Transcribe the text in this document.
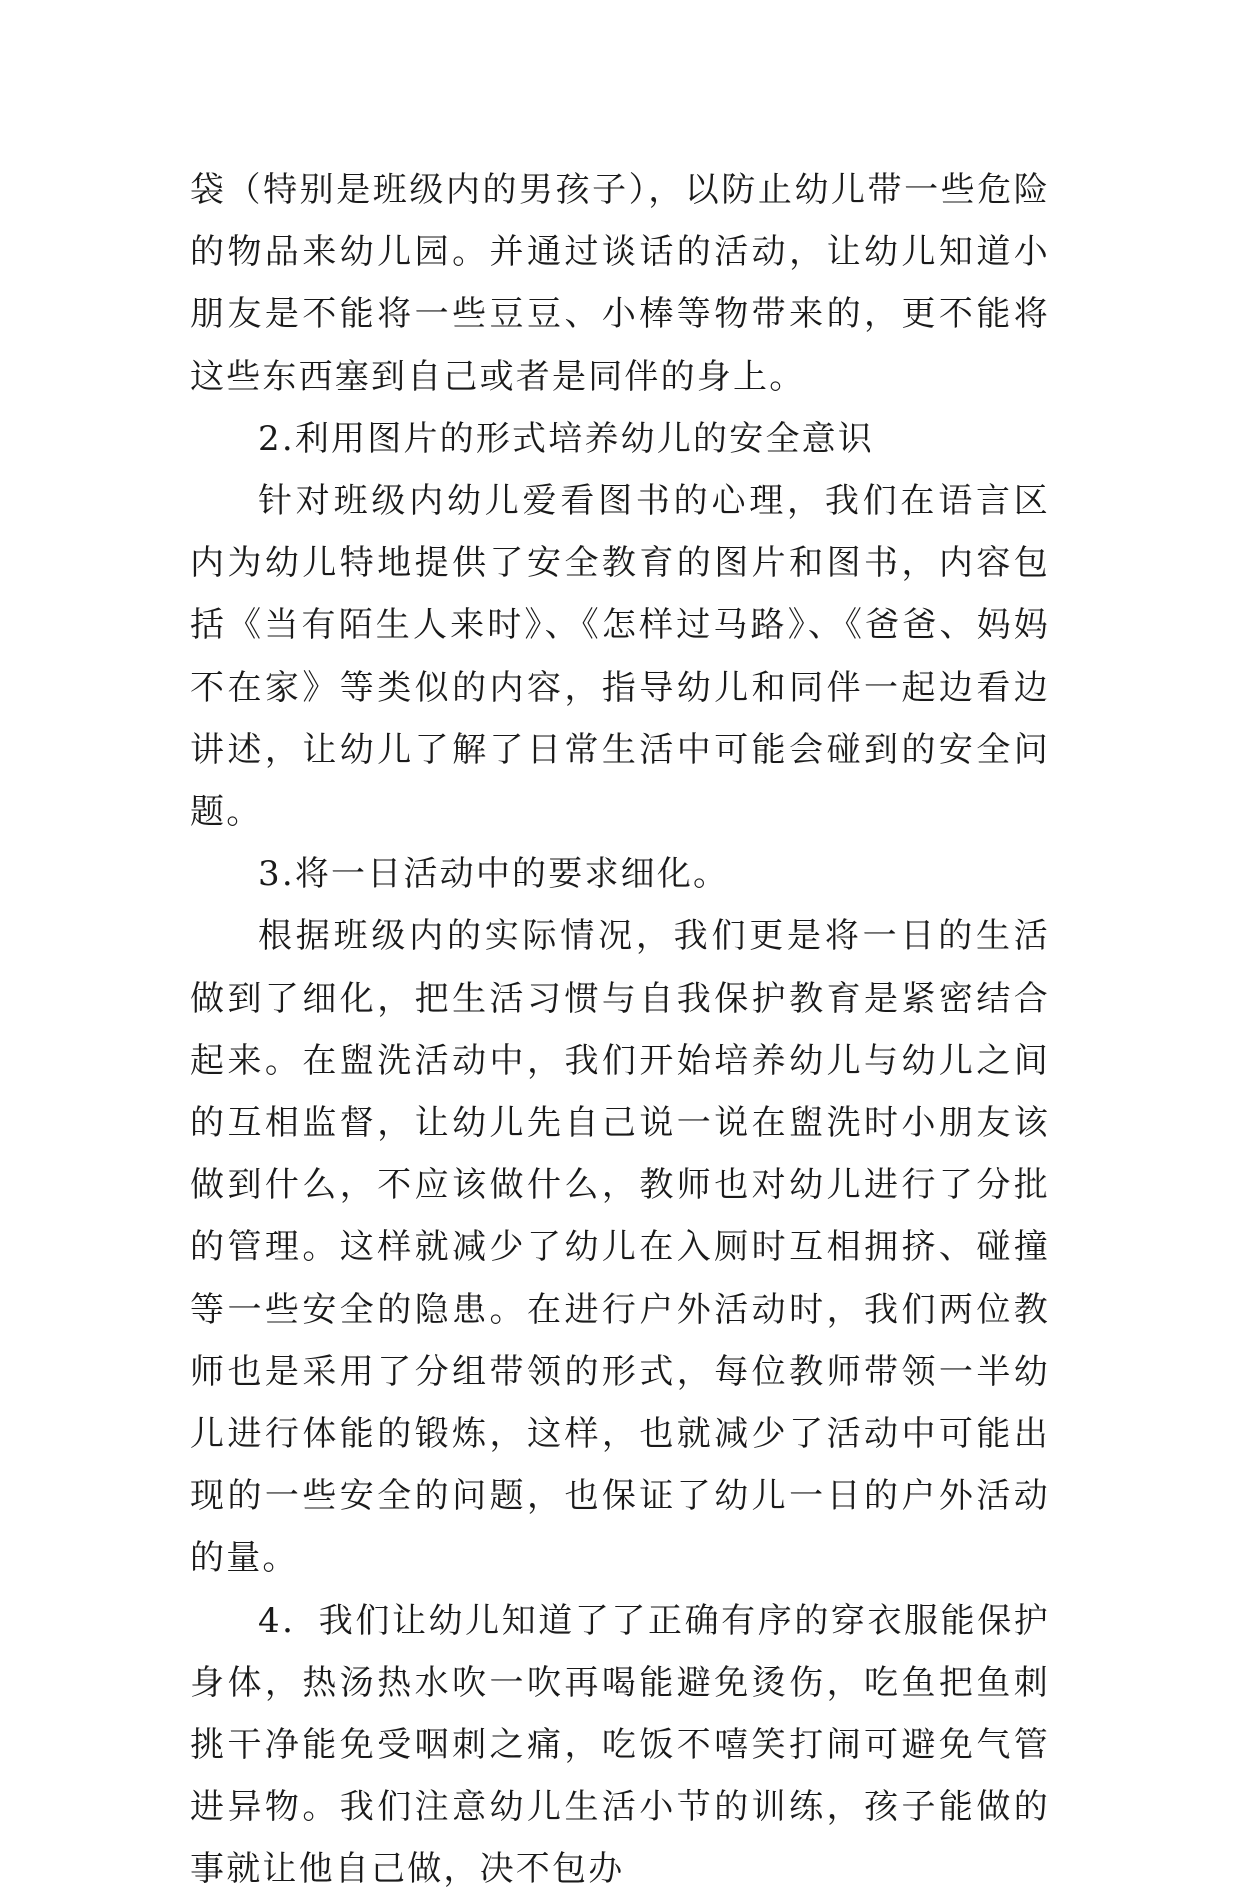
袋（特别是班级内的男孩子），以防止幼儿带一些危险的物品来幼儿园。并通过谈话的活动，让幼儿知道小朋友是不能将一些豆豆、小棒等物带来的，更不能将这些东西塞到自己或者是同伴的身上。

2.利用图片的形式培养幼儿的安全意识

针对班级内幼儿爱看图书的心理，我们在语言区内为幼儿特地提供了安全教育的图片和图书，内容包括《当有陌生人来时》、《怎样过马路》、《爸爸、妈妈不在家》等类似的内容，指导幼儿和同伴一起边看边讲述，让幼儿了解了日常生活中可能会碰到的安全问题。

3.将一日活动中的要求细化。

根据班级内的实际情况，我们更是将一日的生活做到了细化，把生活习惯与自我保护教育是紧密结合起来。在盥洗活动中，我们开始培养幼儿与幼儿之间的互相监督，让幼儿先自己说一说在盥洗时小朋友该做到什么，不应该做什么，教师也对幼儿进行了分批的管理。这样就减少了幼儿在入厕时互相拥挤、碰撞等一些安全的隐患。在进行户外活动时，我们两位教师也是采用了分组带领的形式，每位教师带领一半幼儿进行体能的锻炼，这样，也就减少了活动中可能出现的一些安全的问题，也保证了幼儿一日的户外活动的量。

4．我们让幼儿知道了了正确有序的穿衣服能保护身体，热汤热水吹一吹再喝能避免烫伤，吃鱼把鱼刺挑干净能免受咽刺之痛，吃饭不嘻笑打闹可避免气管进异物。我们注意幼儿生活小节的训练，孩子能做的事就让他自己做，决不包办
